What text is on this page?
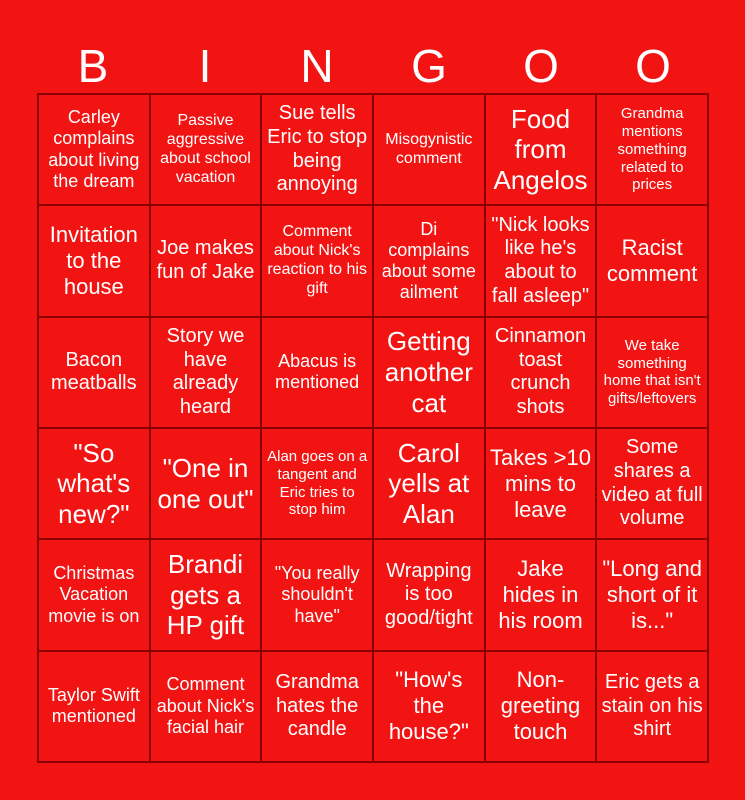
B	I	N	G	O	O
Carley complains about living the dream
Passive aggressive about school vacation
Sue tells Eric to stop being annoying
Misogynistic comment
Food from Angelos
Grandma mentions something related to prices
Invitation to the house
Joe makes fun of Jake
Comment about Nick's reaction to his gift
Di complains about some ailment
"Nick looks like he's about to fall asleep"
Racist comment
Bacon meatballs
Story we have already heard
Abacus is mentioned
Getting another cat
Cinnamon toast crunch shots
We take something home that isn't gifts/leftovers
"So what's new?"
"One in one out"
Alan goes on a tangent and Eric tries to stop him
Carol yells at Alan
Takes >10 mins to leave
Some shares a video at full volume
Christmas Vacation movie is on
Brandi gets a HP gift
"You really shouldn't have"
Wrapping is too good/tight
Jake hides in his room
"Long and short of it is..."
Taylor Swift mentioned
Comment about Nick's facial hair
Grandma hates the candle
"How's the house?"
Non-greeting touch
Eric gets a stain on his shirt
